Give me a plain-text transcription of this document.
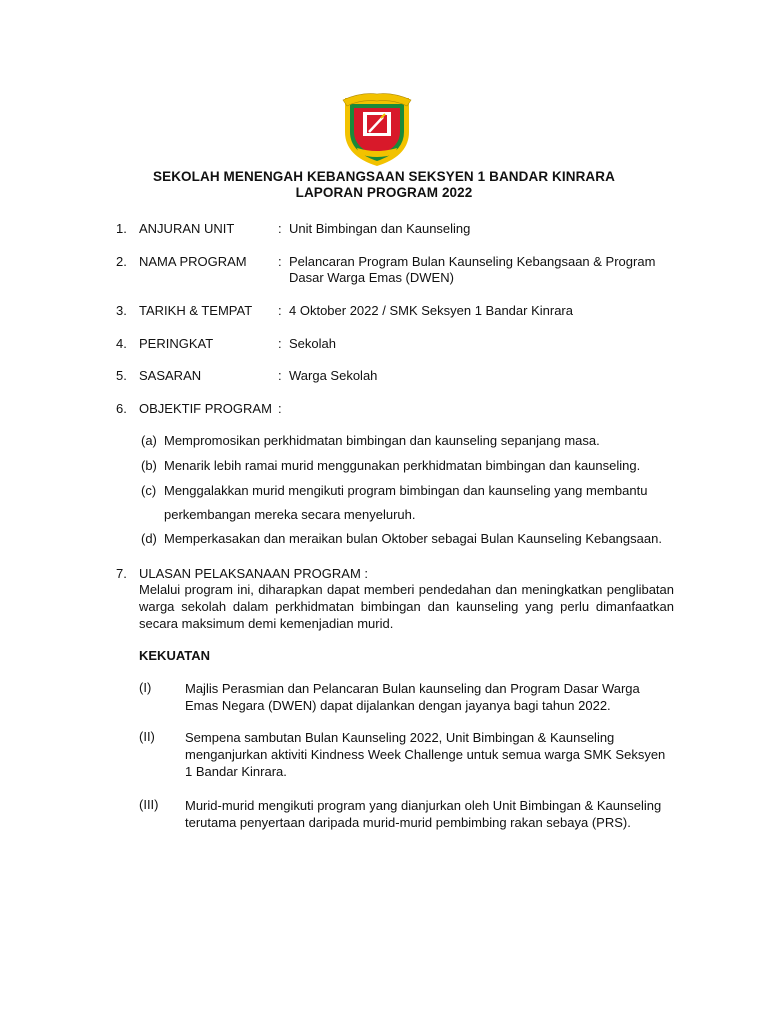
SEKOLAH MENENGAH KEBANGSAAN SEKSYEN 1 BANDAR KINRARA
LAPORAN PROGRAM 2022
1. ANJURAN UNIT	: Unit Bimbingan dan Kaunseling
2. NAMA PROGRAM : Pelancaran Program Bulan Kaunseling Kebangsaan & Program
Dasar Warga Emas (DWEN)
3. TARIKH & TEMPAT : 4 Oktober 2022 / SMK Seksyen 1 Bandar Kinrara
4. PERINGKAT	: Sekolah
5. SASARAN	: Warga Sekolah
6. OBJEKTIF PROGRAM :
(a) Mempromosikan perkhidmatan bimbingan dan kaunseling sepanjang masa.
(b) Menarik lebih ramai murid menggunakan perkhidmatan bimbingan dan kaunseling.
(c) Menggalakkan murid mengikuti program bimbingan dan kaunseling yang membantu
perkembangan mereka secara menyeluruh.
(d) Memperkasakan dan meraikan bulan Oktober sebagai Bulan Kaunseling Kebangsaan.
7. ULASAN PELAKSANAAN PROGRAM :
Melalui program ini, diharapkan dapat memberi pendedahan dan meningkatkan penglibatan warga sekolah dalam perkhidmatan bimbingan dan kaunseling yang perlu dimanfaatkan secara maksimum demi kemenjadian murid.
KEKUATAN
(I)	Majlis Perasmian dan Pelancaran Bulan kaunseling dan Program Dasar Warga Emas Negara (DWEN) dapat dijalankan dengan jayanya bagi tahun 2022.
(II) Sempena sambutan Bulan Kaunseling 2022, Unit Bimbingan & Kaunseling menganjurkan aktiviti Kindness Week Challenge untuk semua warga SMK Seksyen 1 Bandar Kinrara.
(III) Murid-murid mengikuti program yang dianjurkan oleh Unit Bimbingan & Kaunseling terutama penyertaan daripada murid-murid pembimbing rakan sebaya (PRS).
